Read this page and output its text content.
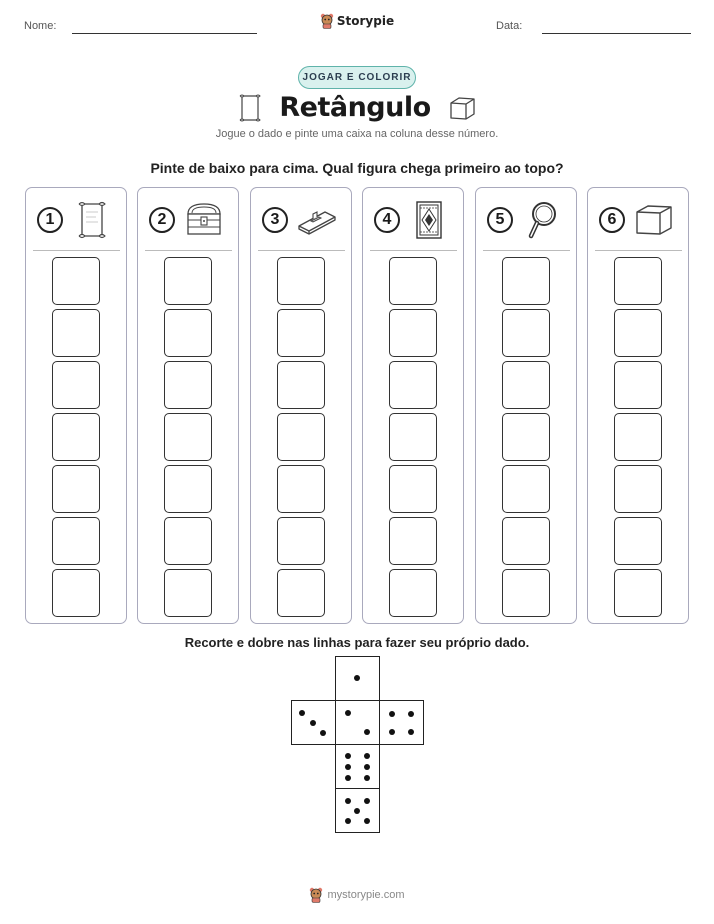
Nome:	Storypie	Data:
JOGAR E COLORIR
Retângulo
Jogue o dado e pinte uma caixa na coluna desse número.
Pinte de baixo para cima. Qual figura chega primeiro ao topo?
1	2	3	4	5	6
Recorte e dobre nas linhas para fazer seu próprio dado.
mystorypie.com
